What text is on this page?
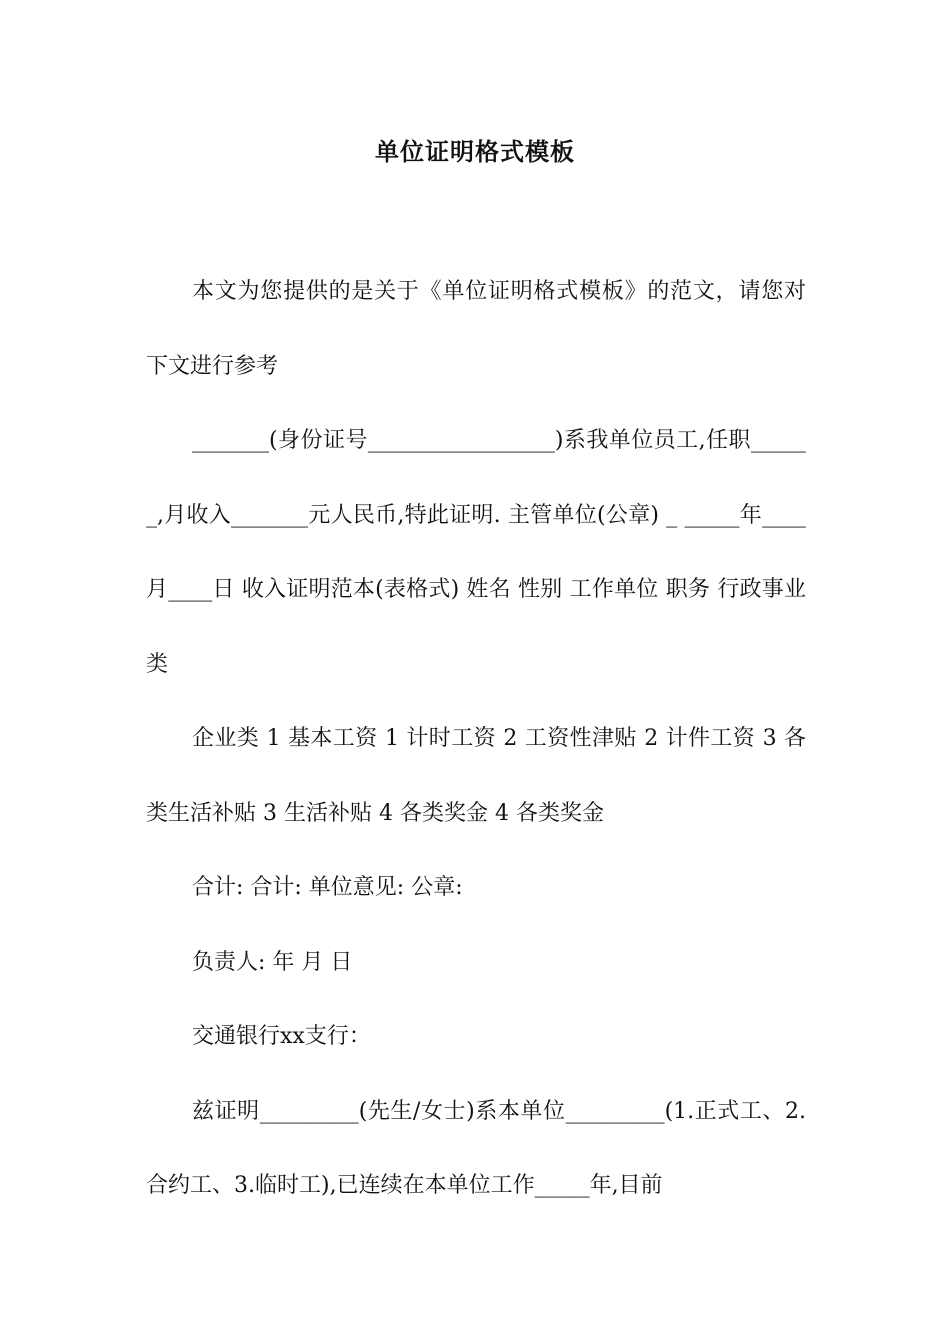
单位证明格式模板

本文为您提供的是关于《单位证明格式模板》的范文，请您对下文进行参考

_______(身份证号_________________)系我单位员工,任职______,月收入_______元人民币,特此证明. 主管单位(公章) _ _____年____月____日 收入证明范本(表格式) 姓名 性别 工作单位 职务 行政事业类

企业类 1 基本工资 1 计时工资 2 工资性津贴 2 计件工资 3 各类生活补贴 3 生活补贴 4 各类奖金 4 各类奖金

合计: 合计: 单位意见: 公章:

负责人: 年 月 日

交通银行xx支行：

兹证明_________(先生/女士)系本单位_________(1.正式工、2.合约工、3.临时工),已连续在本单位工作_____年,目前
